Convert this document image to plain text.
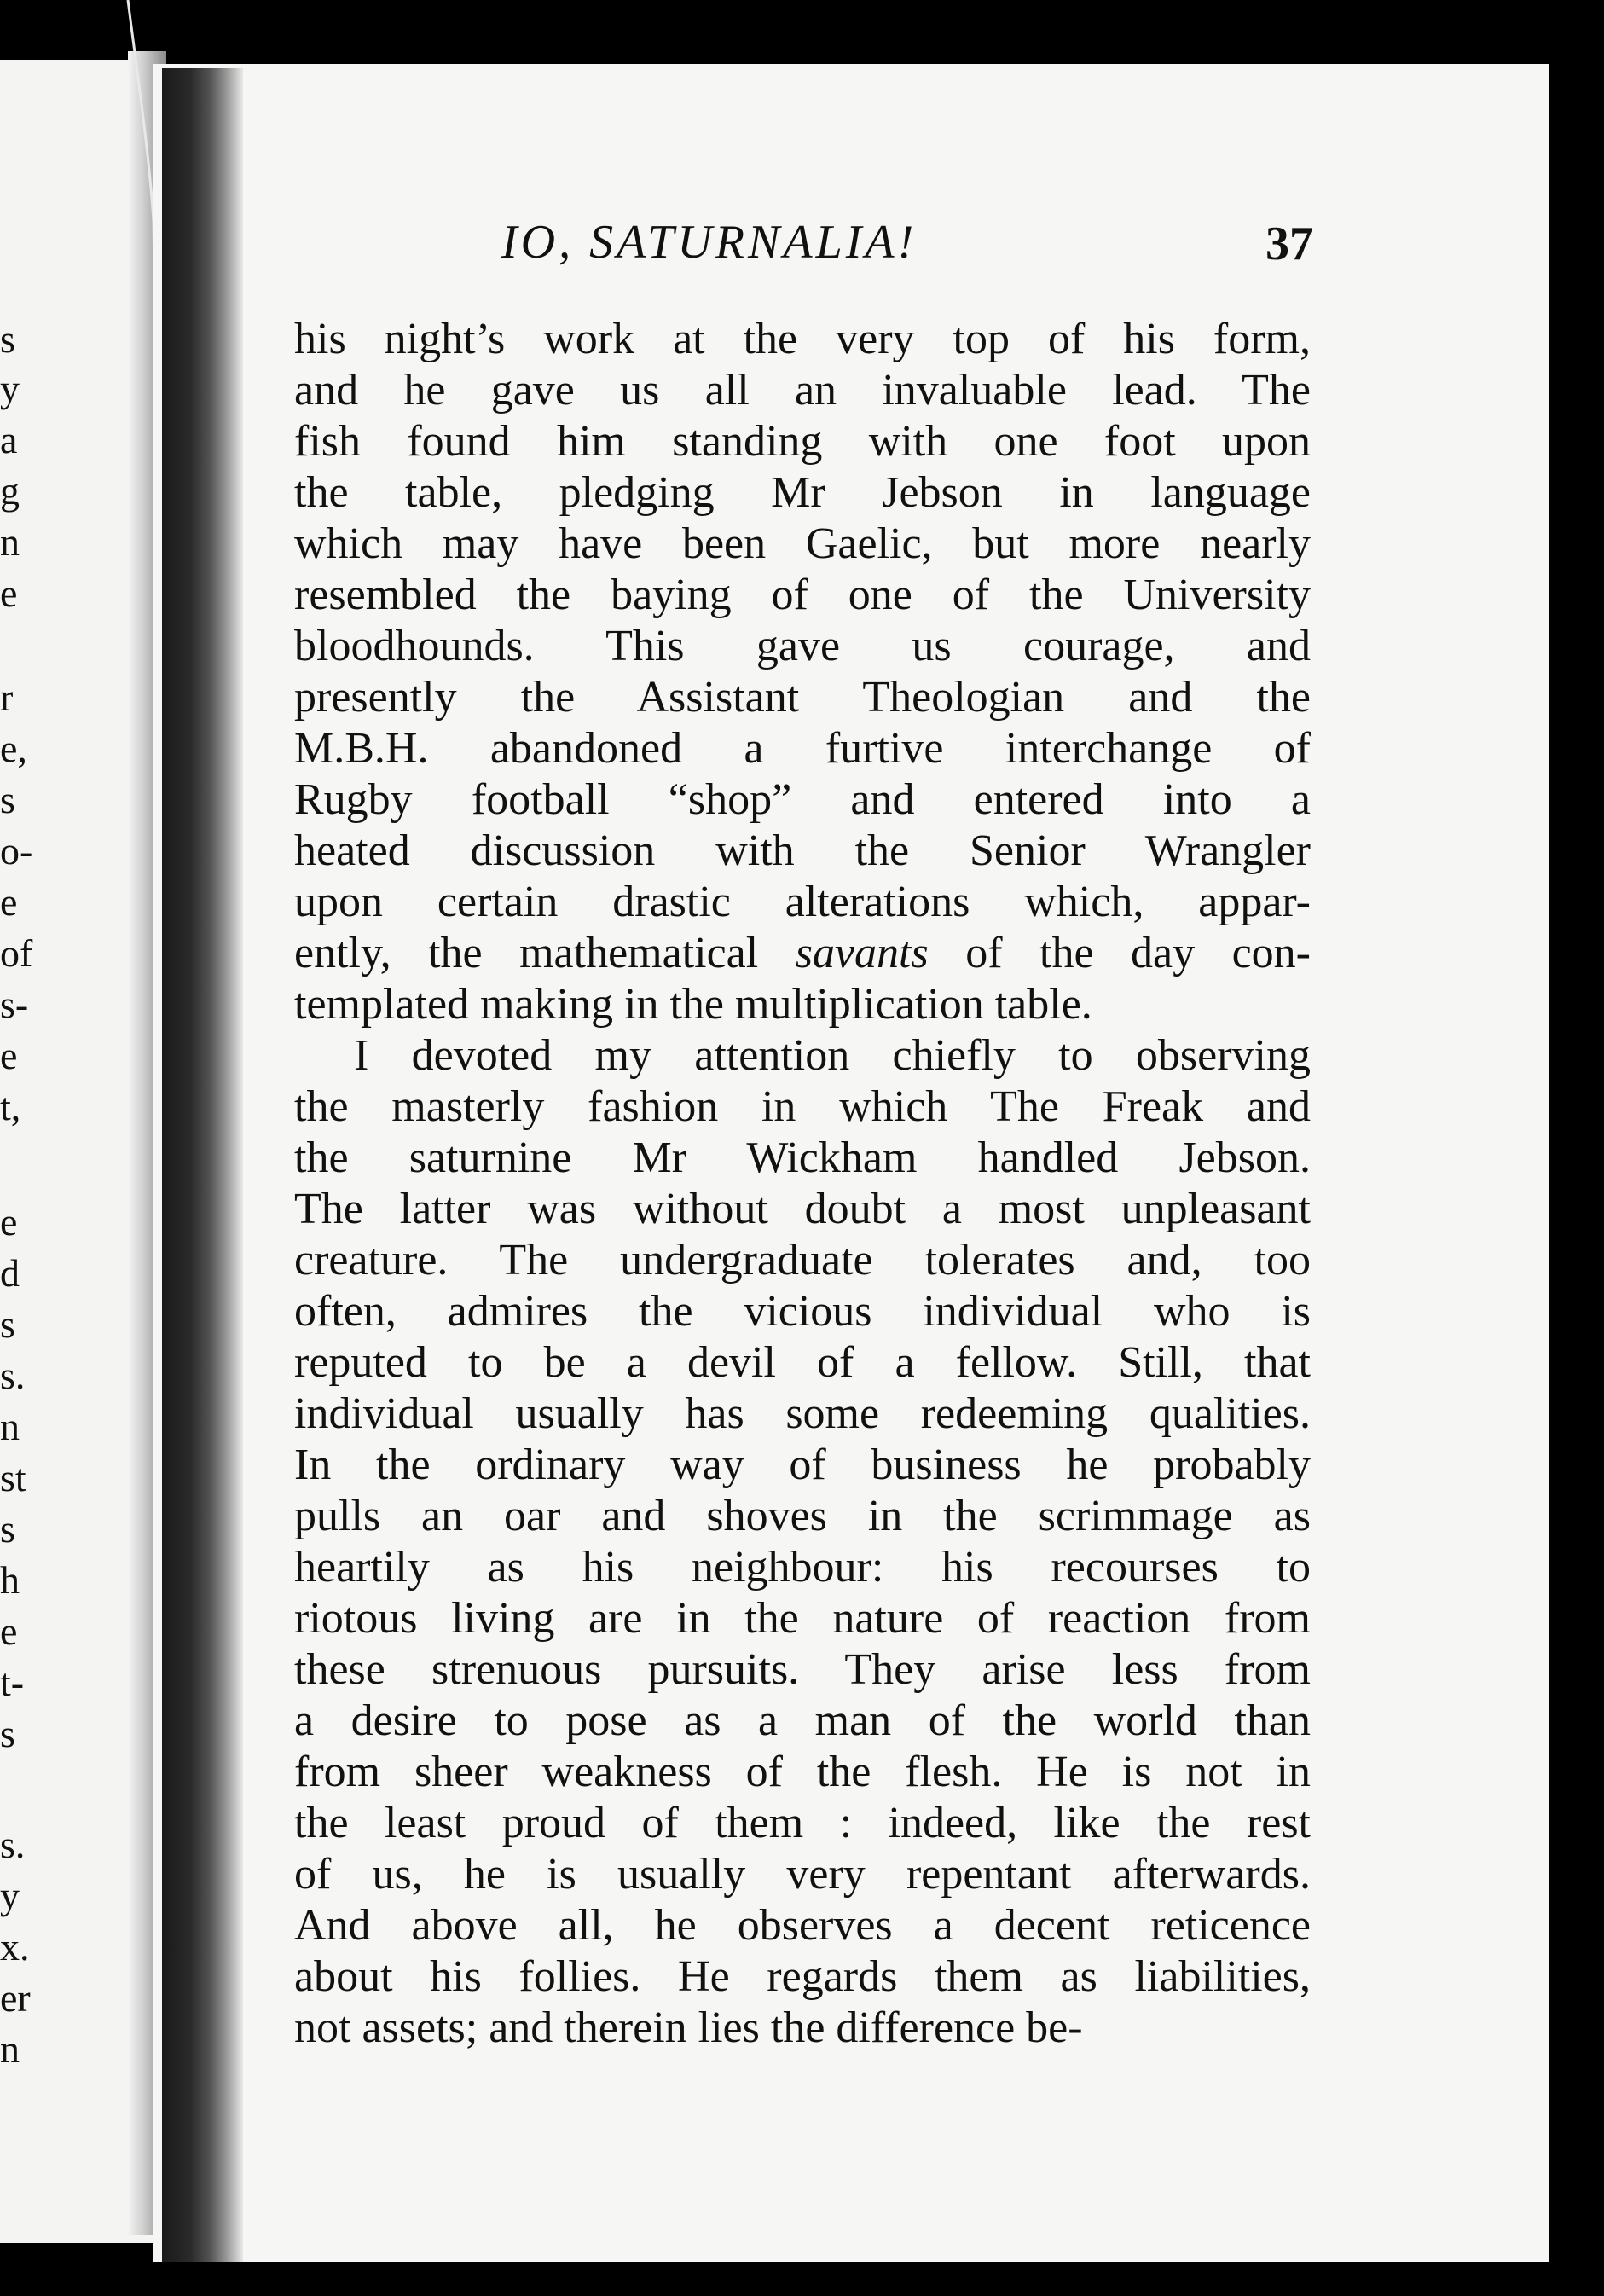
s
y
a
g
n
e
r
e,
s
o-
e
of
s-
e
t,
e
d
s
s.
n
st
s
h
e
t-
s
s.
y
x.
er
n
IO, SATURNALIA!	37
his night’s work at the very top of his form,
and he gave us all an invaluable lead. The
fish found him standing with one foot upon
the table, pledging Mr Jebson in language
which may have been Gaelic, but more nearly
resembled the baying of one of the University
bloodhounds. This gave us courage, and
presently the Assistant Theologian and the
M.B.H. abandoned a furtive interchange of
Rugby football “shop” and entered into a
heated discussion with the Senior Wrangler
upon certain drastic alterations which, appar-
ently, the mathematical savants of the day con-
templated making in the multiplication table.
I devoted my attention chiefly to observing
the masterly fashion in which The Freak and
the saturnine Mr Wickham handled Jebson.
The latter was without doubt a most unpleasant
creature. The undergraduate tolerates and, too
often, admires the vicious individual who is
reputed to be a devil of a fellow. Still, that
individual usually has some redeeming qualities.
In the ordinary way of business he probably
pulls an oar and shoves in the scrimmage as
heartily as his neighbour: his recourses to
riotous living are in the nature of reaction from
these strenuous pursuits. They arise less from
a desire to pose as a man of the world than
from sheer weakness of the flesh. He is not in
the least proud of them : indeed, like the rest
of us, he is usually very repentant afterwards.
And above all, he observes a decent reticence
about his follies. He regards them as liabilities,
not assets; and therein lies the difference be-
